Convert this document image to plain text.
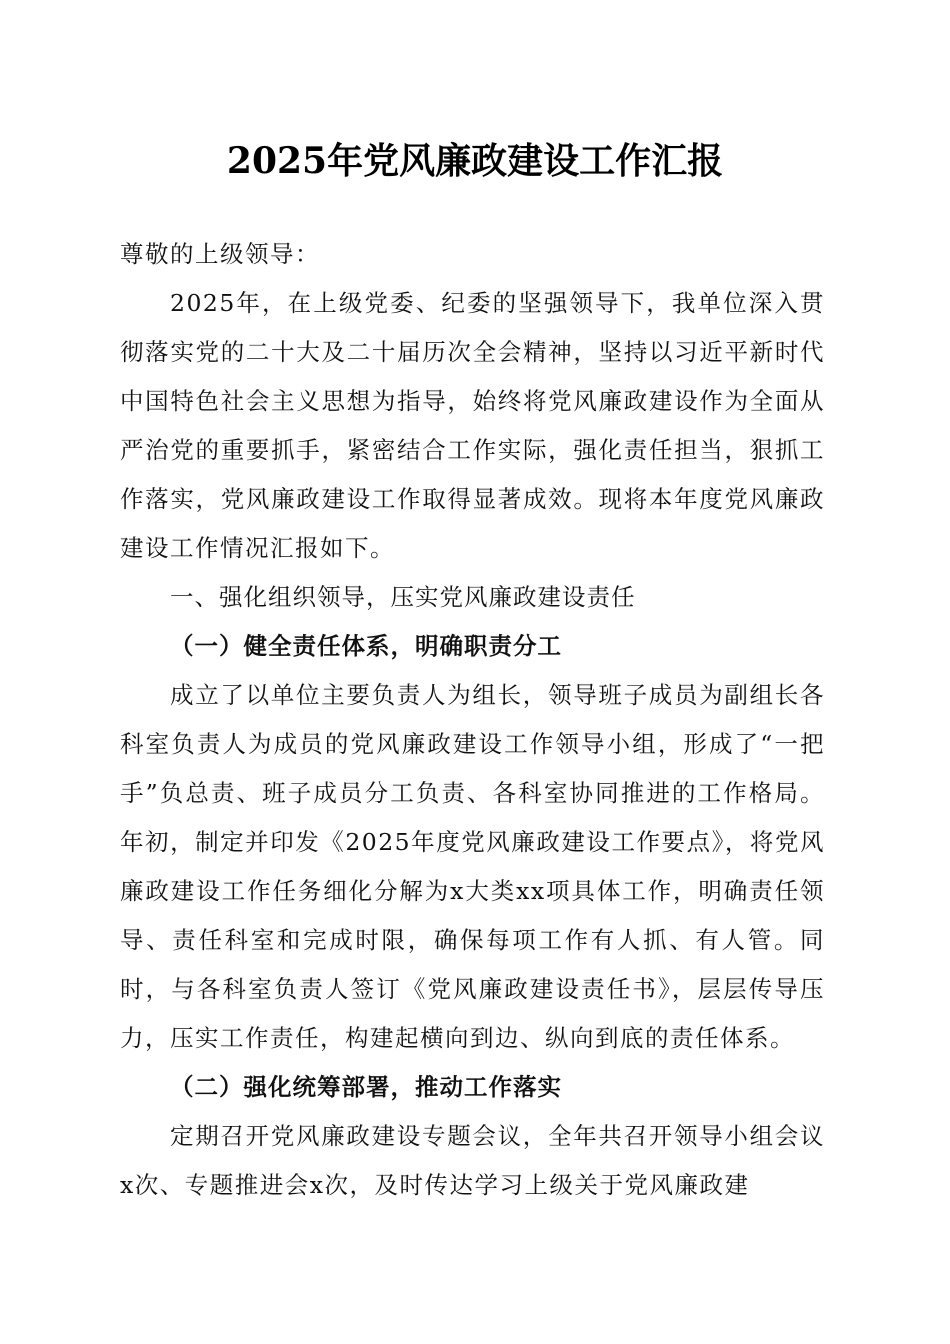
2025年党风廉政建设工作汇报

尊敬的上级领导：

2025年，在上级党委、纪委的坚强领导下，我单位深入贯彻落实党的二十大及二十届历次全会精神，坚持以习近平新时代中国特色社会主义思想为指导，始终将党风廉政建设作为全面从严治党的重要抓手，紧密结合工作实际，强化责任担当，狠抓工作落实，党风廉政建设工作取得显著成效。现将本年度党风廉政建设工作情况汇报如下。

一、强化组织领导，压实党风廉政建设责任

（一）健全责任体系，明确职责分工

成立了以单位主要负责人为组长，领导班子成员为副组长各科室负责人为成员的党风廉政建设工作领导小组，形成了“一把手”负总责、班子成员分工负责、各科室协同推进的工作格局。年初，制定并印发《2025年度党风廉政建设工作要点》，将党风廉政建设工作任务细化分解为x大类xx项具体工作，明确责任领导、责任科室和完成时限，确保每项工作有人抓、有人管。同时，与各科室负责人签订《党风廉政建设责任书》，层层传导压力，压实工作责任，构建起横向到边、纵向到底的责任体系。

（二）强化统筹部署，推动工作落实

定期召开党风廉政建设专题会议，全年共召开领导小组会议x次、专题推进会x次，及时传达学习上级关于党风廉政建
